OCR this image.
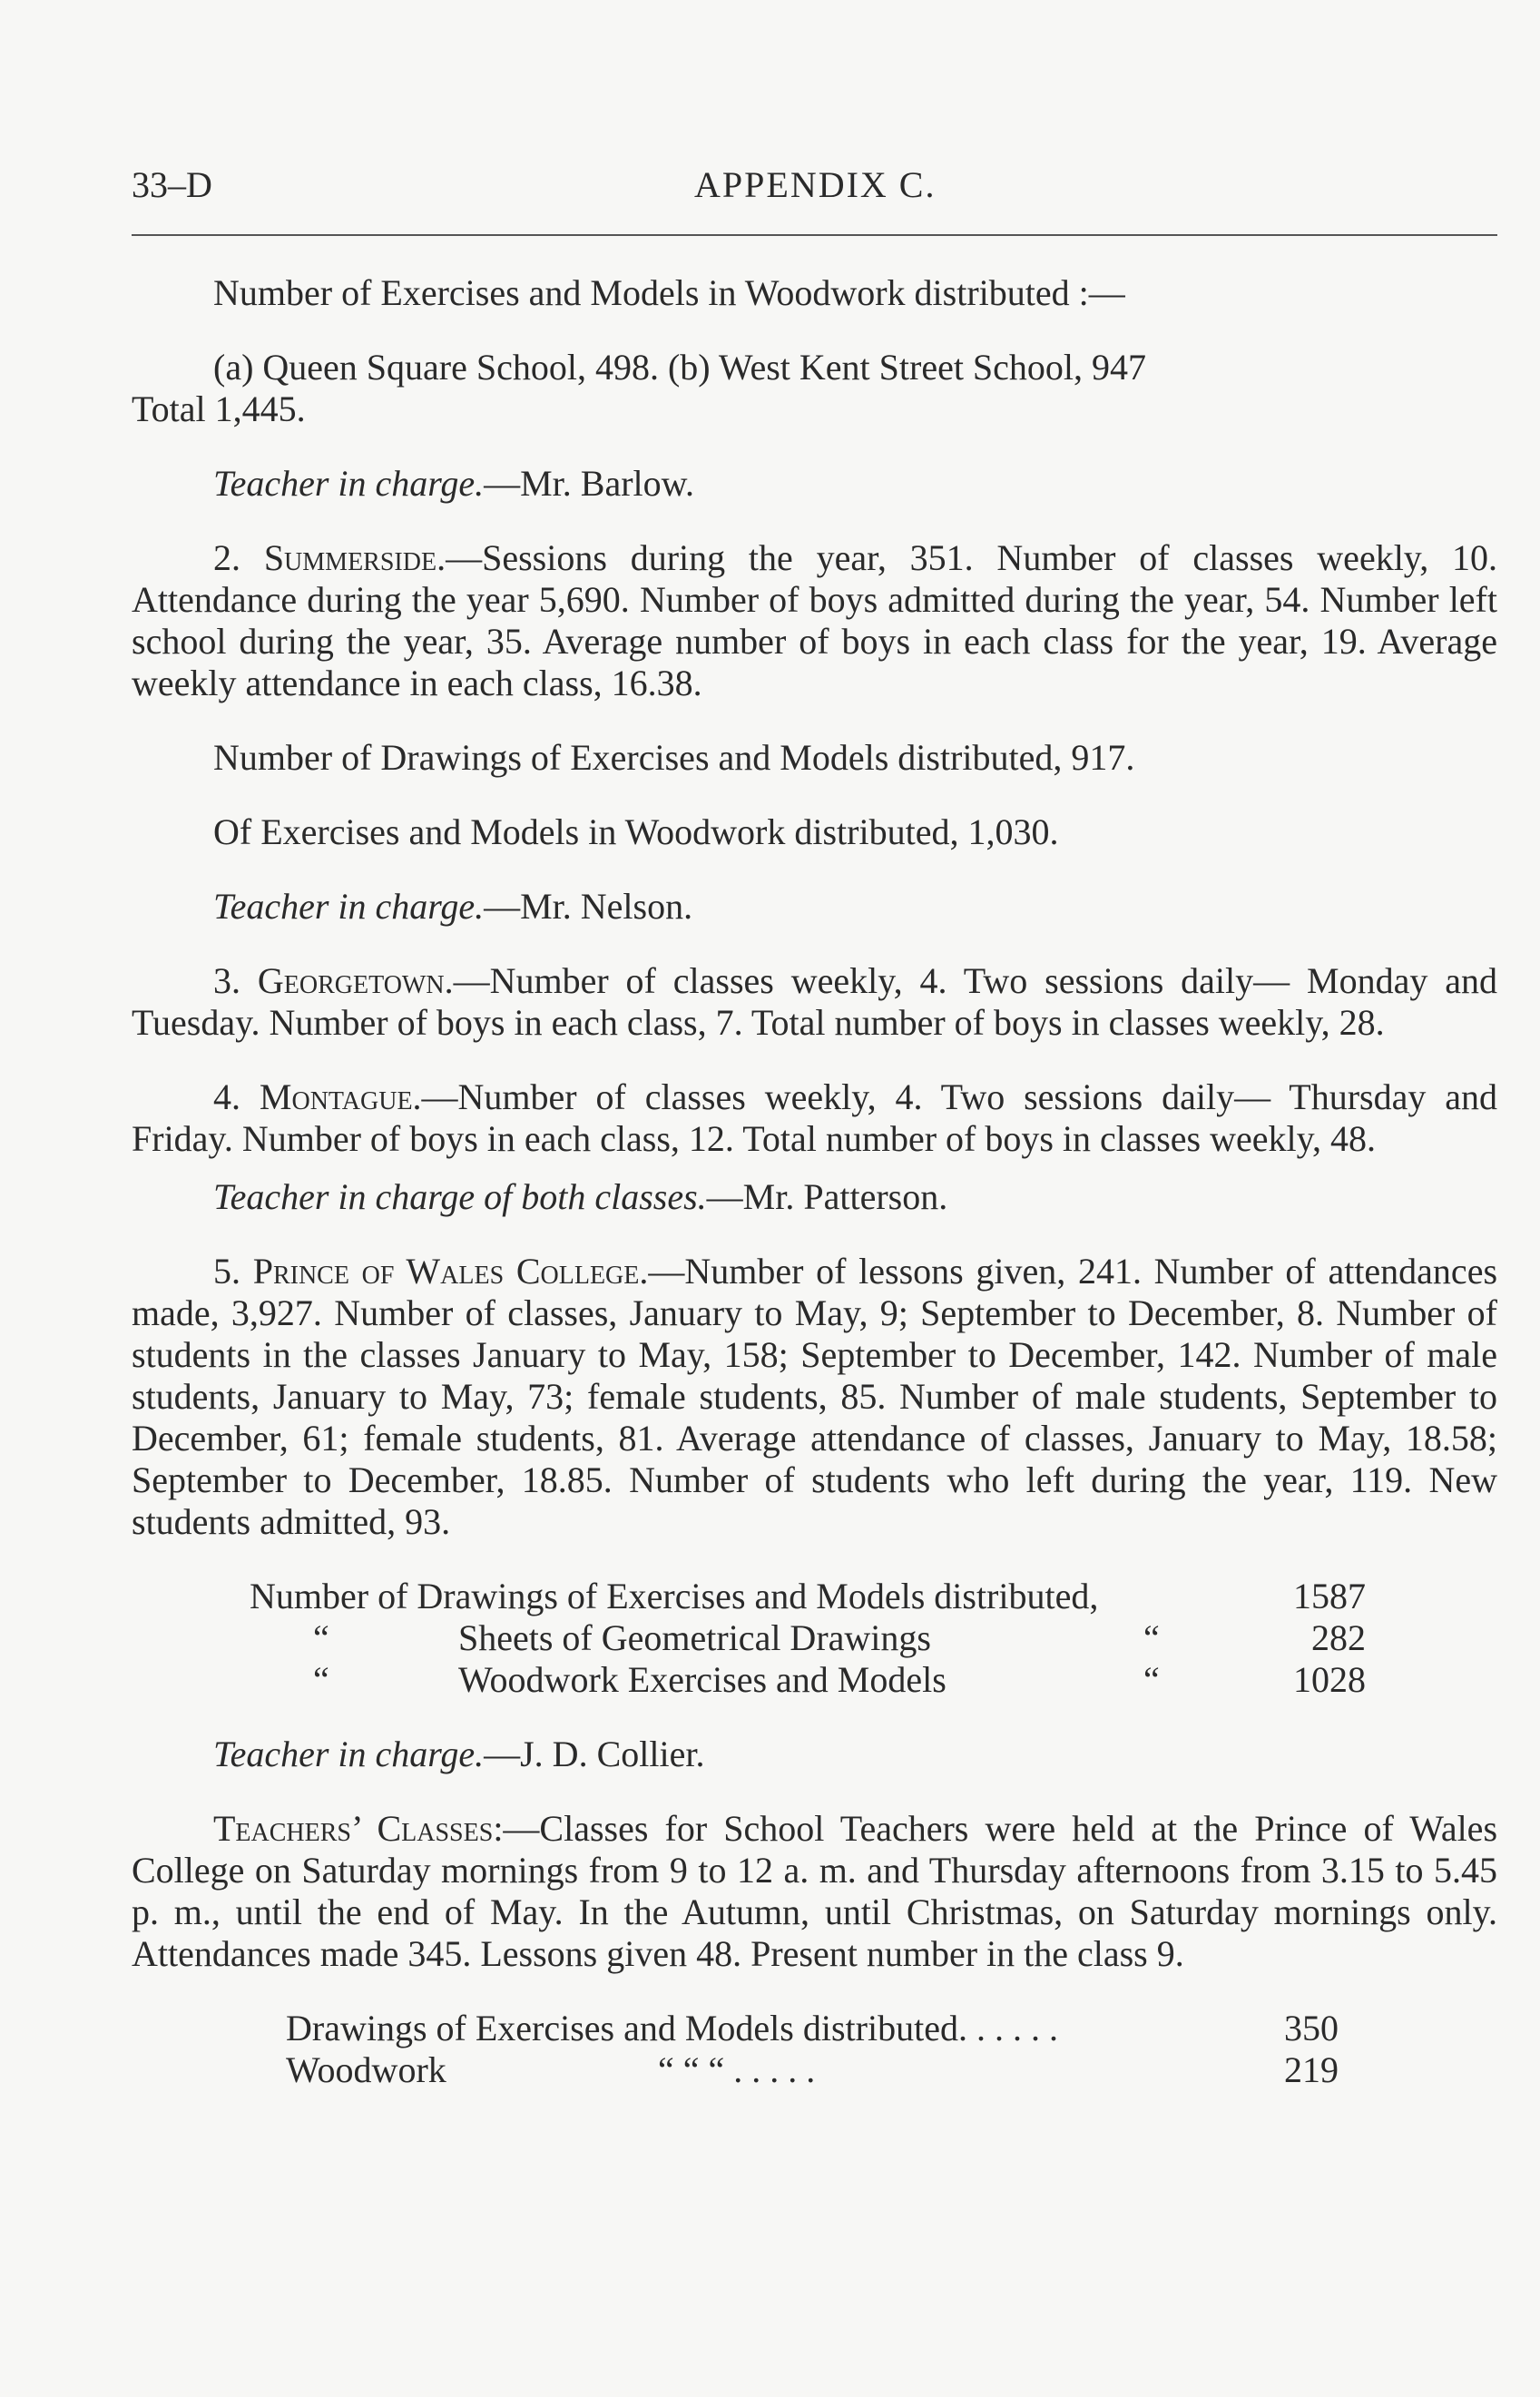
33–D	APPENDIX C.

Number of Exercises and Models in Woodwork distributed :—

(a) Queen Square School, 498. (b) West Kent Street School, 947
Total 1,445.

Teacher in charge.—Mr. Barlow.

2. Summerside.—Sessions during the year, 351. Number of classes weekly, 10. Attendance during the year 5,690. Number of boys admitted during the year, 54. Number left school during the year, 35. Average number of boys in each class for the year, 19. Average weekly attendance in each class, 16.38.

Number of Drawings of Exercises and Models distributed, 917.

Of Exercises and Models in Woodwork distributed, 1,030.

Teacher in charge.—Mr. Nelson.

3. Georgetown.—Number of classes weekly, 4. Two sessions daily— Monday and Tuesday. Number of boys in each class, 7. Total number of boys in classes weekly, 28.

4. Montague.—Number of classes weekly, 4. Two sessions daily— Thursday and Friday. Number of boys in each class, 12. Total number of boys in classes weekly, 48.

Teacher in charge of both classes.—Mr. Patterson.

5. Prince of Wales College.—Number of lessons given, 241. Number of attendances made, 3,927. Number of classes, January to May, 9; September to December, 8. Number of students in the classes January to May, 158; September to December, 142. Number of male students, January to May, 73; female students, 85. Number of male students, September to December, 61; female students, 81. Average attendance of classes, January to May, 18.58; September to December, 18.85. Number of students who left during the year, 119. New students admitted, 93.

Number of Drawings of Exercises and Models distributed,	1587
“	Sheets of Geometrical Drawings	“	282
“	Woodwork Exercises and Models	“	1028

Teacher in charge.—J. D. Collier.

Teachers’ Classes:—Classes for School Teachers were held at the Prince of Wales College on Saturday mornings from 9 to 12 a. m. and Thursday afternoons from 3.15 to 5.45 p. m., until the end of May. In the Autumn, until Christmas, on Saturday mornings only. Attendances made 345. Lessons given 48. Present number in the class 9.

Drawings of Exercises and Models distributed. . . . . .	350
Woodwork	“ “ “ . . . . .	219
